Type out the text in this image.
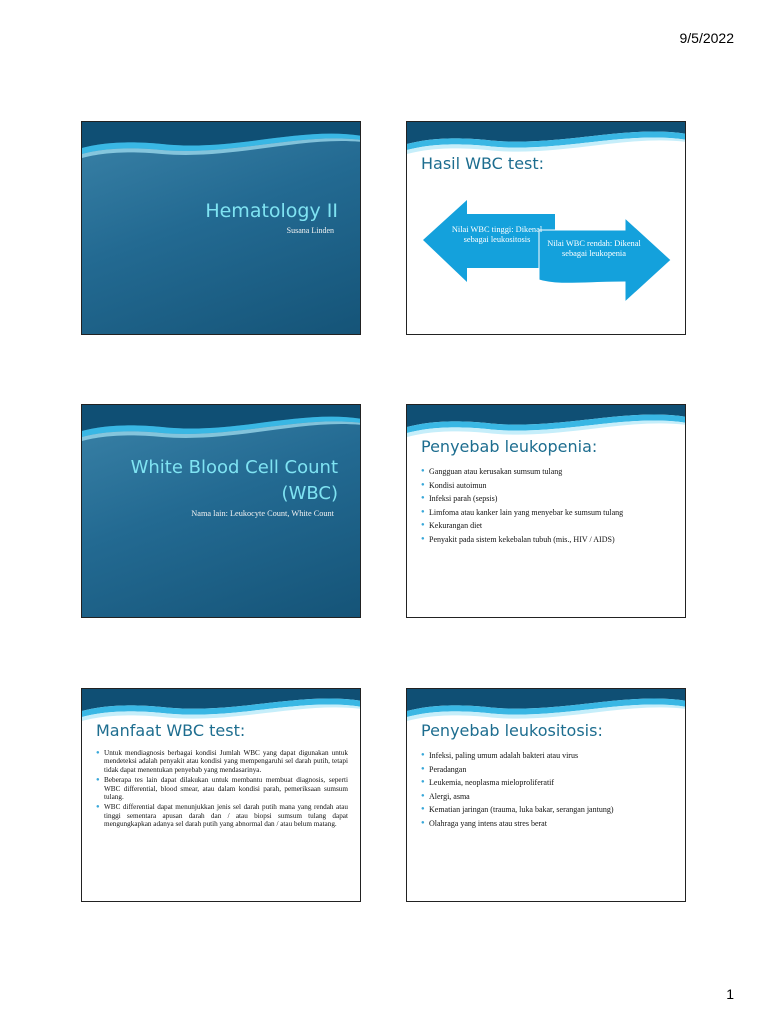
9/5/2022
Hematology II
Susana Linden
Hasil WBC test:
Nilai WBC tinggi: Dikenal sebagai leukositosis	Nilai WBC rendah: Dikenal sebagai leukopenia
White Blood Cell Count
(WBC)
Nama lain: Leukocyte Count, White Count
Penyebab leukopenia:
● Gangguan atau kerusakan sumsum tulang
● Kondisi autoimun
● Infeksi parah (sepsis)
● Limfoma atau kanker lain yang menyebar ke sumsum tulang
● Kekurangan diet
● Penyakit pada sistem kekebalan tubuh (mis., HIV / AIDS)
Manfaat WBC test:
● Untuk mendiagnosis berbagai kondisi Jumlah WBC yang dapat digunakan untuk mendeteksi adalah penyakit atau kondisi yang mempengaruhi sel darah putih, tetapi tidak dapat menentukan penyebab yang mendasarinya.
● Beberapa tes lain dapat dilakukan untuk membantu membuat diagnosis, seperti WBC differential, blood smear, atau dalam kondisi parah, pemeriksaan sumsum tulang.
● WBC differential dapat menunjukkan jenis sel darah putih mana yang rendah atau tinggi sementara apusan darah dan / atau biopsi sumsum tulang dapat mengungkapkan adanya sel darah putih yang abnormal dan / atau belum matang.
Penyebab leukositosis:
● Infeksi, paling umum adalah bakteri atau virus
● Peradangan
● Leukemia, neoplasma mieloproliferatif
● Alergi, asma
● Kematian jaringan (trauma, luka bakar, serangan jantung)
● Olahraga yang intens atau stres berat
1
